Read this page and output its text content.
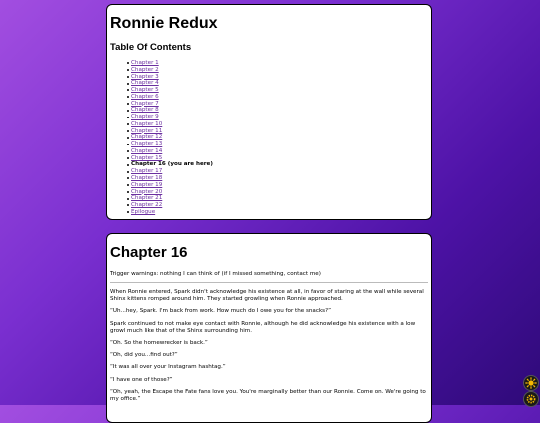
Ronnie Redux
Table Of Contents
Chapter 1
Chapter 2
Chapter 3
Chapter 4
Chapter 5
Chapter 6
Chapter 7
Chapter 8
Chapter 9
Chapter 10
Chapter 11
Chapter 12
Chapter 13
Chapter 14
Chapter 15
Chapter 16 (you are here)
Chapter 17
Chapter 18
Chapter 19
Chapter 20
Chapter 21
Chapter 22
Epilogue
Chapter 16

Trigger warnings: nothing I can think of (if I missed something, contact me)

When Ronnie entered, Spark didn't acknowledge his existence at all, in favor of staring at the wall while several Shinx kittens romped around him. They started growling when Ronnie approached.

“Uh...hey, Spark. I'm back from work. How much do I owe you for the snacks?”

Spark continued to not make eye contact with Ronnie, although he did acknowledge his existence with a low growl much like that of the Shinx surrounding him.

“Oh. So the homewrecker is back.”

“Oh, did you...find out?”

“It was all over your Instagram hashtag.”

“I have one of those?”

“Oh, yeah, the Escape the Fate fans love you. You're marginally better than our Ronnie. Come on. We're going to my office.”
